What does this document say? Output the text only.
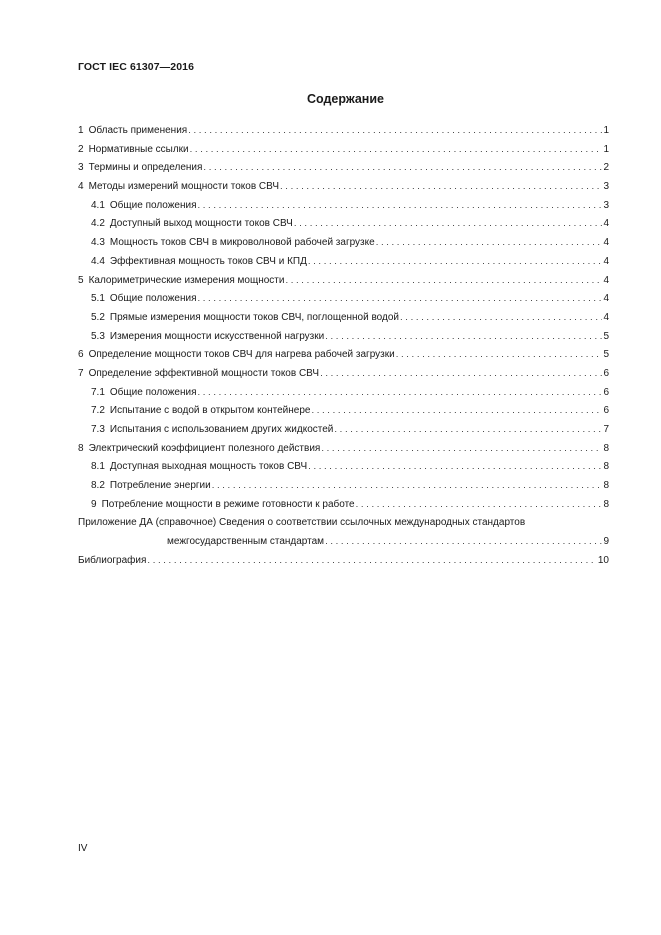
ГОСТ IEC 61307—2016
Содержание
1 Область применения . . .	1
2 Нормативные ссылки . . .	1
3 Термины и определения . . .	2
4 Методы измерений мощности токов СВЧ . . .	3
4.1 Общие положения . . .	3
4.2 Доступный выход мощности токов СВЧ . . .	4
4.3 Мощность токов СВЧ в микроволновой рабочей загрузке . . .	4
4.4 Эффективная мощность токов СВЧ и КПД . . .	4
5 Калориметрические измерения мощности . . .	4
5.1 Общие положения . . .	4
5.2 Прямые измерения мощности токов СВЧ, поглощенной водой . . .	4
5.3 Измерения мощности искусственной нагрузки . . .	5
6 Определение мощности токов СВЧ для нагрева рабочей загрузки . . .	5
7 Определение эффективной мощности токов СВЧ . . .	6
7.1 Общие положения . . .	6
7.2 Испытание с водой в открытом контейнере . . .	6
7.3 Испытания с использованием других жидкостей . . .	7
8 Электрический коэффициент полезного действия . . .	8
8.1 Доступная выходная мощность токов СВЧ . . .	8
8.2 Потребление энергии . . .	8
9 Потребление мощности в режиме готовности к работе . . .	8
Приложение ДА (справочное) Сведения о соответствии ссылочных международных стандартов
межгосударственным стандартам . . .	9
Библиография . . .	10
IV
